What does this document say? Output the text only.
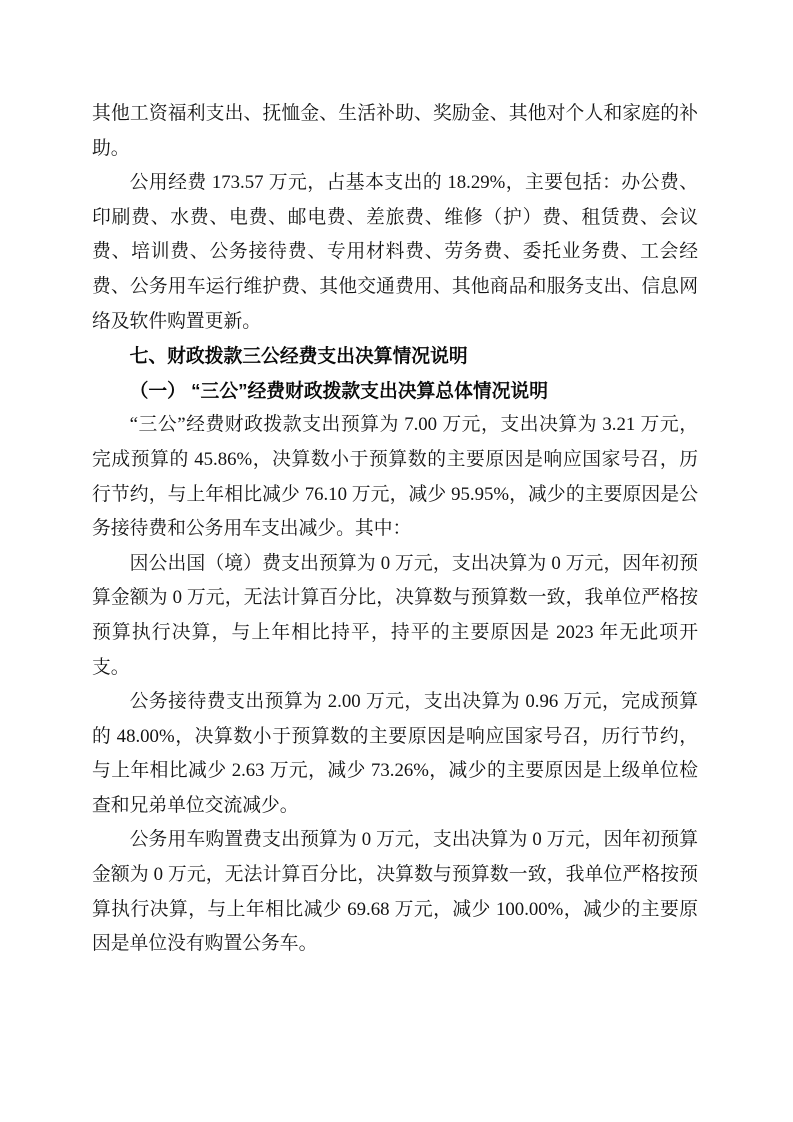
其他工资福利支出、抚恤金、生活补助、奖励金、其他对个人和家庭的补助。

公用经费 173.57 万元，占基本支出的 18.29%，主要包括：办公费、印刷费、水费、电费、邮电费、差旅费、维修（护）费、租赁费、会议费、培训费、公务接待费、专用材料费、劳务费、委托业务费、工会经费、公务用车运行维护费、其他交通费用、其他商品和服务支出、信息网络及软件购置更新。

七、财政拨款三公经费支出决算情况说明

（一） “三公”经费财政拨款支出决算总体情况说明

“三公”经费财政拨款支出预算为 7.00 万元，支出决算为 3.21 万元，完成预算的 45.86%，决算数小于预算数的主要原因是响应国家号召，历行节约，与上年相比减少 76.10 万元，减少 95.95%，减少的主要原因是公务接待费和公务用车支出减少。其中：

因公出国（境）费支出预算为 0 万元，支出决算为 0 万元，因年初预算金额为 0 万元，无法计算百分比，决算数与预算数一致，我单位严格按预算执行决算，与上年相比持平，持平的主要原因是 2023 年无此项开支。

公务接待费支出预算为 2.00 万元，支出决算为 0.96 万元，完成预算的 48.00%，决算数小于预算数的主要原因是响应国家号召，历行节约，与上年相比减少 2.63 万元，减少 73.26%，减少的主要原因是上级单位检查和兄弟单位交流减少。

公务用车购置费支出预算为 0 万元，支出决算为 0 万元，因年初预算金额为 0 万元，无法计算百分比，决算数与预算数一致，我单位严格按预算执行决算，与上年相比减少 69.68 万元，减少 100.00%，减少的主要原因是单位没有购置公务车。
